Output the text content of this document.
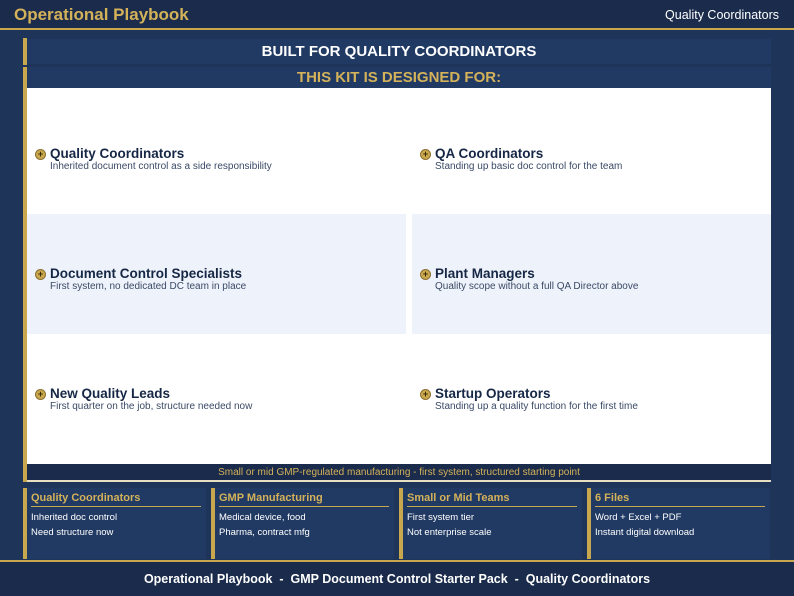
Operational Playbook	Quality Coordinators
BUILT FOR QUALITY COORDINATORS
THIS KIT IS DESIGNED FOR:
+ Quality Coordinators
Inherited document control as a side responsibility
+ QA Coordinators
Standing up basic doc control for the team
+ Document Control Specialists
First system, no dedicated DC team in place
+ Plant Managers
Quality scope without a full QA Director above
+ New Quality Leads
First quarter on the job, structure needed now
+ Startup Operators
Standing up a quality function for the first time
Small or mid GMP-regulated manufacturing - first system, structured starting point
Quality Coordinators
Inherited doc control
Need structure now
GMP Manufacturing
Medical device, food
Pharma, contract mfg
Small or Mid Teams
First system tier
Not enterprise scale
6 Files
Word + Excel + PDF
Instant digital download
Operational Playbook  -  GMP Document Control Starter Pack  -  Quality Coordinators
